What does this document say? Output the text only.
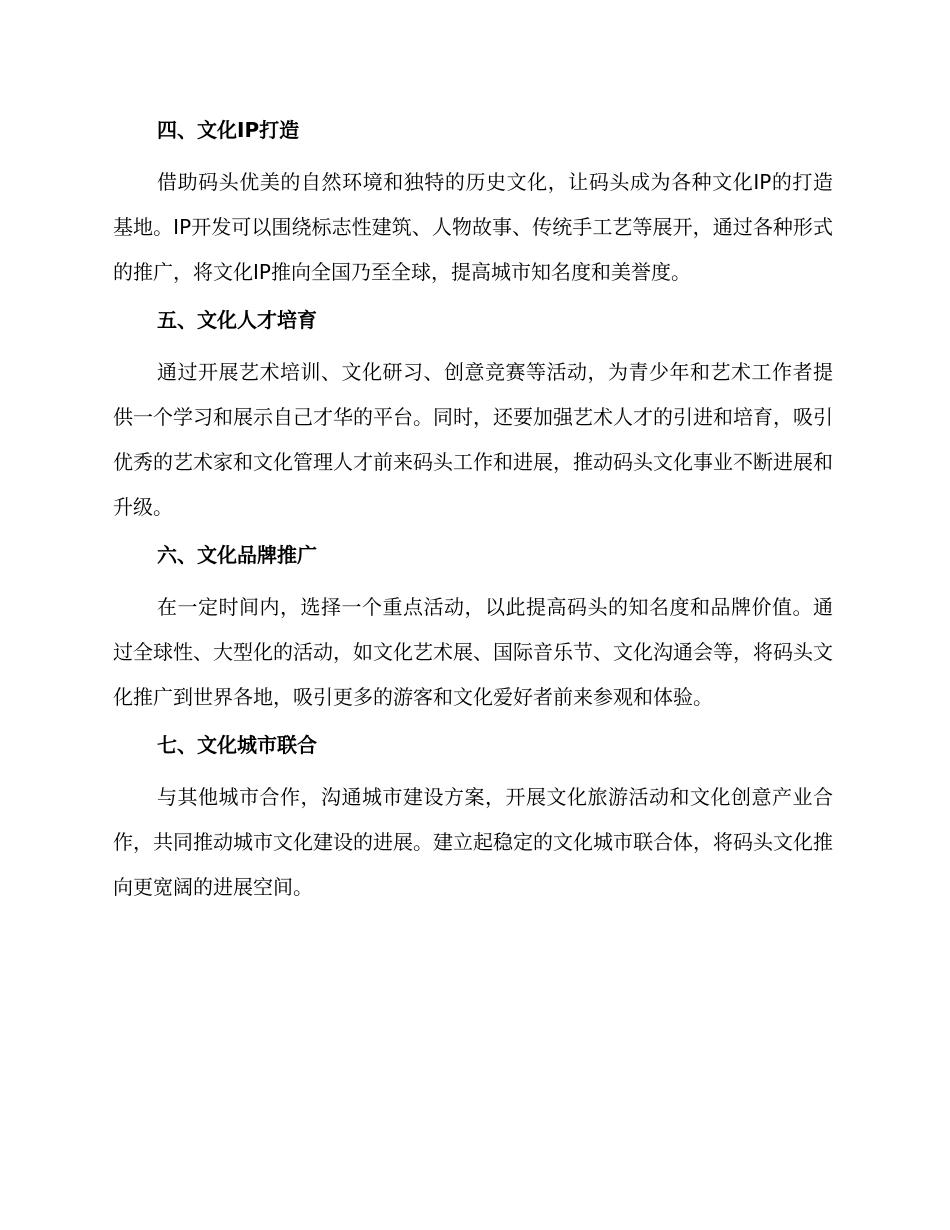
四、文化IP打造

借助码头优美的自然环境和独特的历史文化，让码头成为各种文化IP的打造基地。IP开发可以围绕标志性建筑、人物故事、传统手工艺等展开，通过各种形式的推广，将文化IP推向全国乃至全球，提高城市知名度和美誉度。

五、文化人才培育

通过开展艺术培训、文化研习、创意竞赛等活动，为青少年和艺术工作者提供一个学习和展示自己才华的平台。同时，还要加强艺术人才的引进和培育，吸引优秀的艺术家和文化管理人才前来码头工作和进展，推动码头文化事业不断进展和升级。

六、文化品牌推广

在一定时间内，选择一个重点活动，以此提高码头的知名度和品牌价值。通过全球性、大型化的活动，如文化艺术展、国际音乐节、文化沟通会等，将码头文化推广到世界各地，吸引更多的游客和文化爱好者前来参观和体验。

七、文化城市联合

与其他城市合作，沟通城市建设方案，开展文化旅游活动和文化创意产业合作，共同推动城市文化建设的进展。建立起稳定的文化城市联合体，将码头文化推向更宽阔的进展空间。
